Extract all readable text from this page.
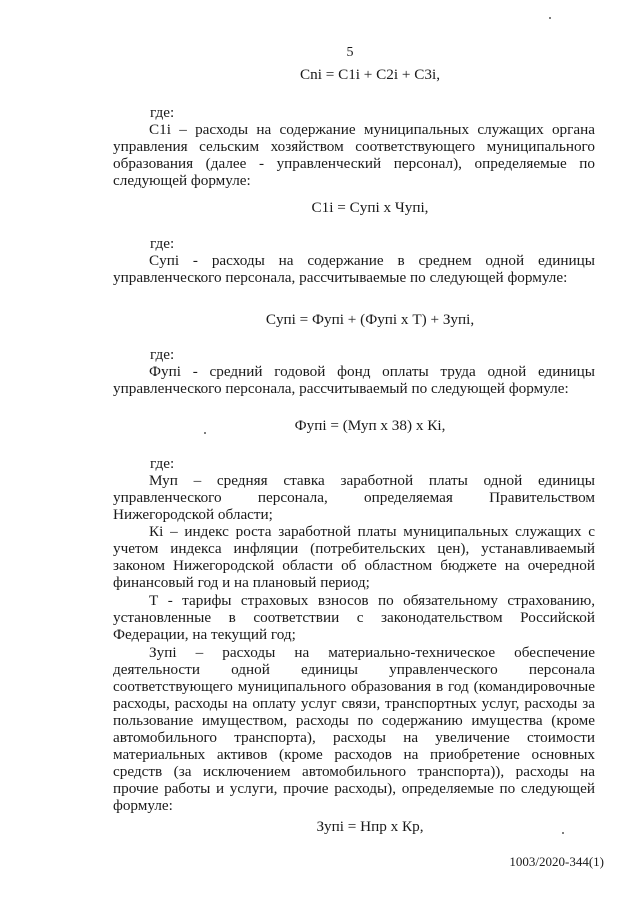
5
Cni = C1i + C2i + C3i,
где:
C1i – расходы на содержание муниципальных служащих органа управления сельским хозяйством соответствующего муниципального образования (далее - управленческий персонал), определяемые по следующей формуле:
C1i = Cупi х Чупi,
где:
Cупi - расходы на содержание в среднем одной единицы управленческого персонала, рассчитываемые по следующей формуле:
Cупi = Фупi + (Фупi х Т) + Зупi,
где:
Фупi - средний годовой фонд оплаты труда одной единицы управленческого персонала, рассчитываемый по следующей формуле:
Фупi = (Муп х 38) х Кi,
где:
Муп – средняя ставка заработной платы одной единицы управленческого персонала, определяемая Правительством Нижегородской области;
Кi – индекс роста заработной платы муниципальных служащих с учетом индекса инфляции (потребительских цен), устанавливаемый законом Нижегородской области об областном бюджете на очередной финансовый год и на плановый период;
Т - тарифы страховых взносов по обязательному страхованию, установленные в соответствии с законодательством Российской Федерации, на текущий год;
Зупi – расходы на материально-техническое обеспечение деятельности одной единицы управленческого персонала соответствующего муниципального образования в год (командировочные расходы, расходы на оплату услуг связи, транспортных услуг, расходы за пользование имуществом, расходы по содержанию имущества (кроме автомобильного транспорта), расходы на увеличение стоимости материальных активов (кроме расходов на приобретение основных средств (за исключением автомобильного транспорта)), расходы на прочие работы и услуги, прочие расходы), определяемые по следующей формуле:
Зупi = Нпр х Кр,
1003/2020-344(1)
